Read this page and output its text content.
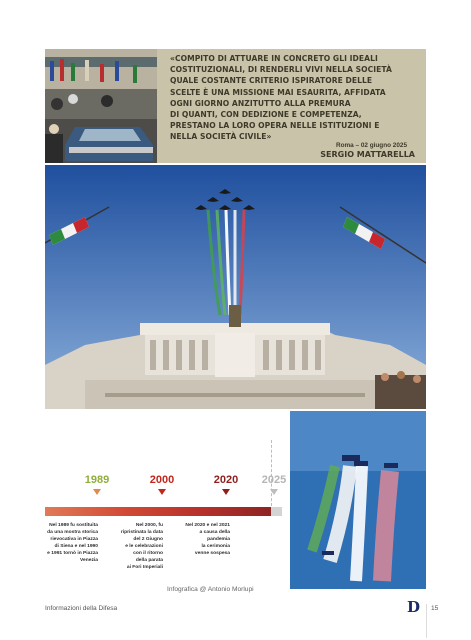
«COMPITO DI ATTUARE IN CONCRETO GLI IDEALI
COSTITUZIONALI, DI RENDERLI VIVI NELLA SOCIETÀ
QUALE COSTANTE CRITERIO ISPIRATORE DELLE
SCELTE È UNA MISSIONE MAI ESAURITA, AFFIDATA
OGNI GIORNO ANZITUTTO ALLA PREMURA
DI QUANTI, CON DEDIZIONE E COMPETENZA,
PRESTANO LA LORO OPERA NELLE ISTITUZIONI E
NELLA SOCIETÀ CIVILE»
Roma – 02 giugno 2025
SERGIO MATTARELLA
1989	2000	2020	2025
Nel 1989 fu sostituita
da una mostra storica
rievocativa in Piazza
di Siena e nel 1990
e 1991 tornò in Piazza
Venezia
Nel 2000, fu
ripristinata la data
del 2 Giugno
e le celebrazioni
con il ritorno
della parata
ai Fori Imperiali
Nel 2020 e nel 2021
a causa della
pandemia
la cerimonia
venne sospesa
Infografica @ Antonio Morlupi
Informazioni della Difesa	D 15
